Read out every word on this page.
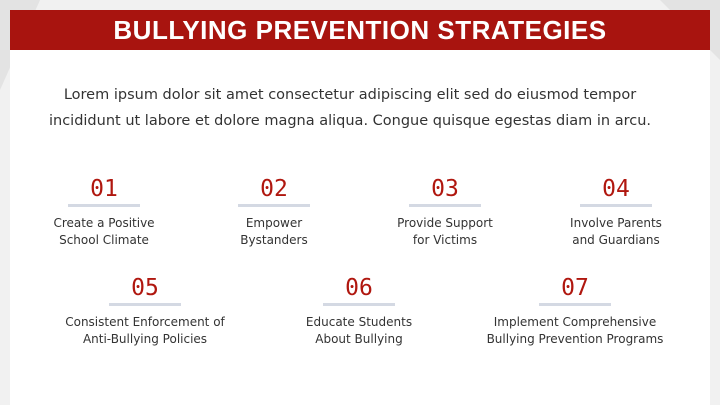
BULLYING PREVENTION STRATEGIES
Lorem ipsum dolor sit amet consectetur adipiscing elit sed do eiusmod tempor
incididunt ut labore et dolore magna aliqua. Congue quisque egestas diam in arcu.
01
Create a Positive
School Climate
02
Empower
Bystanders
03
Provide Support
for Victims
04
Involve Parents
and Guardians
05
Consistent Enforcement of
Anti-Bullying Policies
06
Educate Students
About Bullying
07
Implement Comprehensive
Bullying Prevention Programs
